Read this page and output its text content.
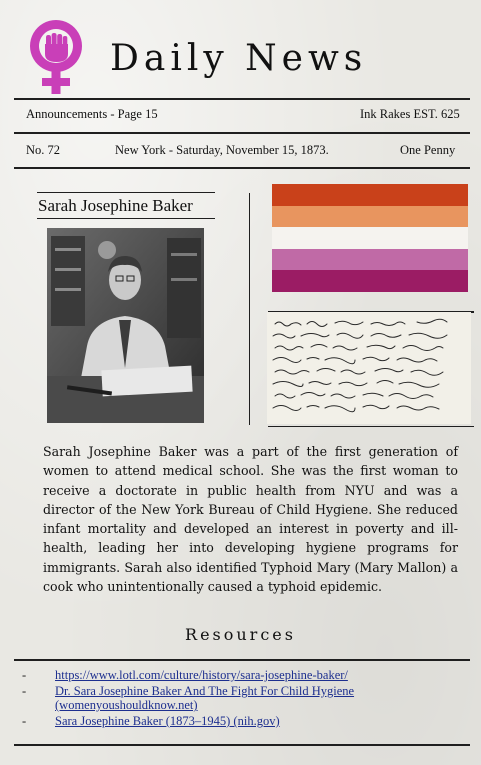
Daily News
Announcements - Page 15	Ink Rakes EST. 625
No. 72	New York - Saturday, November 15, 1873.	One Penny
Sarah Josephine Baker
Sarah Josephine Baker was a part of the first generation of women to attend medical school. She was the first woman to receive a doctorate in public health from NYU and was a director of the New York Bureau of Child Hygiene. She reduced infant mortality and developed an interest in poverty and ill-health, leading her into developing hygiene programs for immigrants. Sarah also identified Typhoid Mary (Mary Mallon) a cook who unintentionally caused a typhoid epidemic.
Resources
- https://www.lotl.com/culture/history/sara-josephine-baker/
- Dr. Sara Josephine Baker And The Fight For Child Hygiene (womenyoushouldknow.net)
- Sara Josephine Baker (1873–1945) (nih.gov)
